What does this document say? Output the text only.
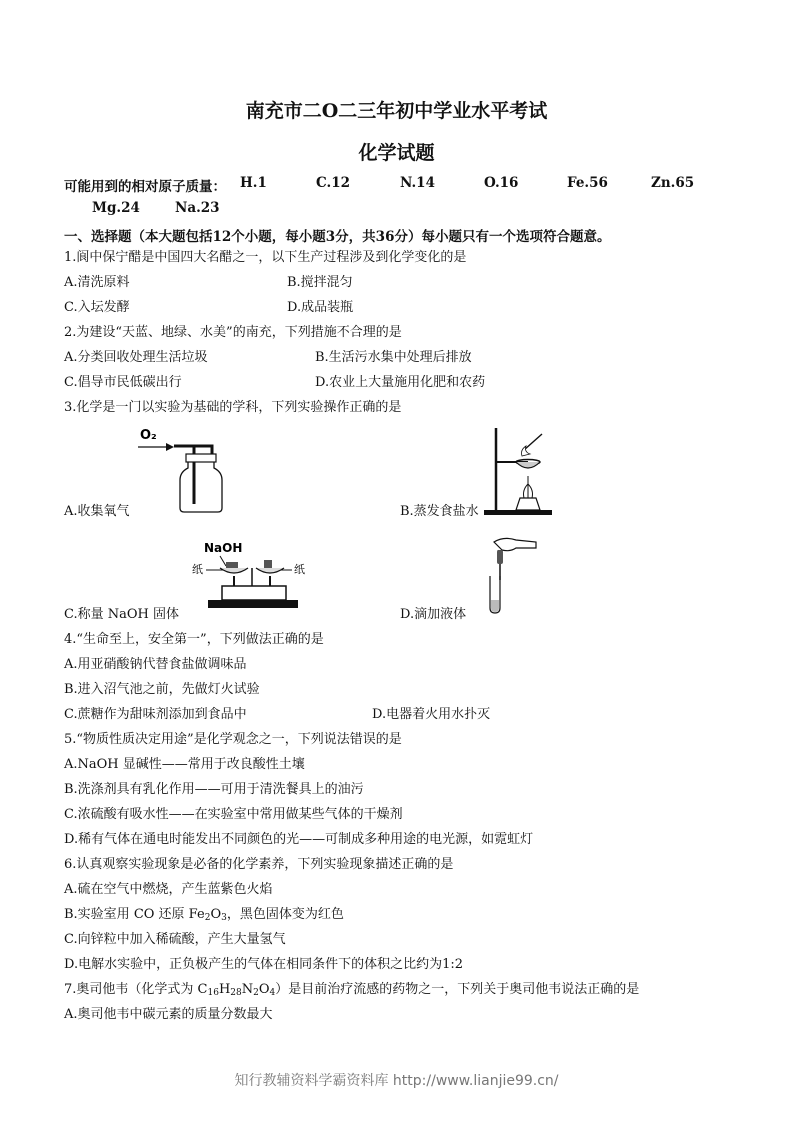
南充市二O二三年初中学业水平考试
化学试题
可能用到的相对原子质量： H.1	C.12	N.14	O.16	Fe.56	Zn.65
Mg.24	Na.23
一、选择题（本大题包括12个小题，每小题3分，共36分）每小题只有一个选项符合题意。
1.阆中保宁醋是中国四大名醋之一，以下生产过程涉及到化学变化的是
A.清洗原料	B.搅拌混匀
C.入坛发酵	D.成品装瓶
2.为建设“天蓝、地绿、水美”的南充，下列措施不合理的是
A.分类回收处理生活垃圾	B.生活污水集中处理后排放
C.倡导市民低碳出行	D.农业上大量施用化肥和农药
3.化学是一门以实验为基础的学科，下列实验操作正确的是
O₂
A.收集氧气	B.蒸发食盐水
NaOH
纸	纸
C.称量 NaOH 固体	D.滴加液体
4.“生命至上，安全第一”，下列做法正确的是
A.用亚硝酸钠代替食盐做调味品
B.进入沼气池之前，先做灯火试验
C.蔗糖作为甜味剂添加到食品中	D.电器着火用水扑灭
5.“物质性质决定用途”是化学观念之一，下列说法错误的是
A.NaOH 显碱性——常用于改良酸性土壤
B.洗涤剂具有乳化作用——可用于清洗餐具上的油污
C.浓硫酸有吸水性——在实验室中常用做某些气体的干燥剂
D.稀有气体在通电时能发出不同颜色的光——可制成多种用途的电光源，如霓虹灯
6.认真观察实验现象是必备的化学素养，下列实验现象描述正确的是
A.硫在空气中燃烧，产生蓝紫色火焰
B.实验室用 CO 还原 $Fe_2O_3$，黑色固体变为红色
C.向锌粒中加入稀硫酸，产生大量氢气
D.电解水实验中，正负极产生的气体在相同条件下的体积之比约为1:2
7.奥司他韦（化学式为 $C_{16}H_{28}N_2O_4$）是目前治疗流感的药物之一，下列关于奥司他韦说法正确的是
A.奥司他韦中碳元素的质量分数最大
知行教辅资料学霸资料库 http://www.lianjie99.cn/
